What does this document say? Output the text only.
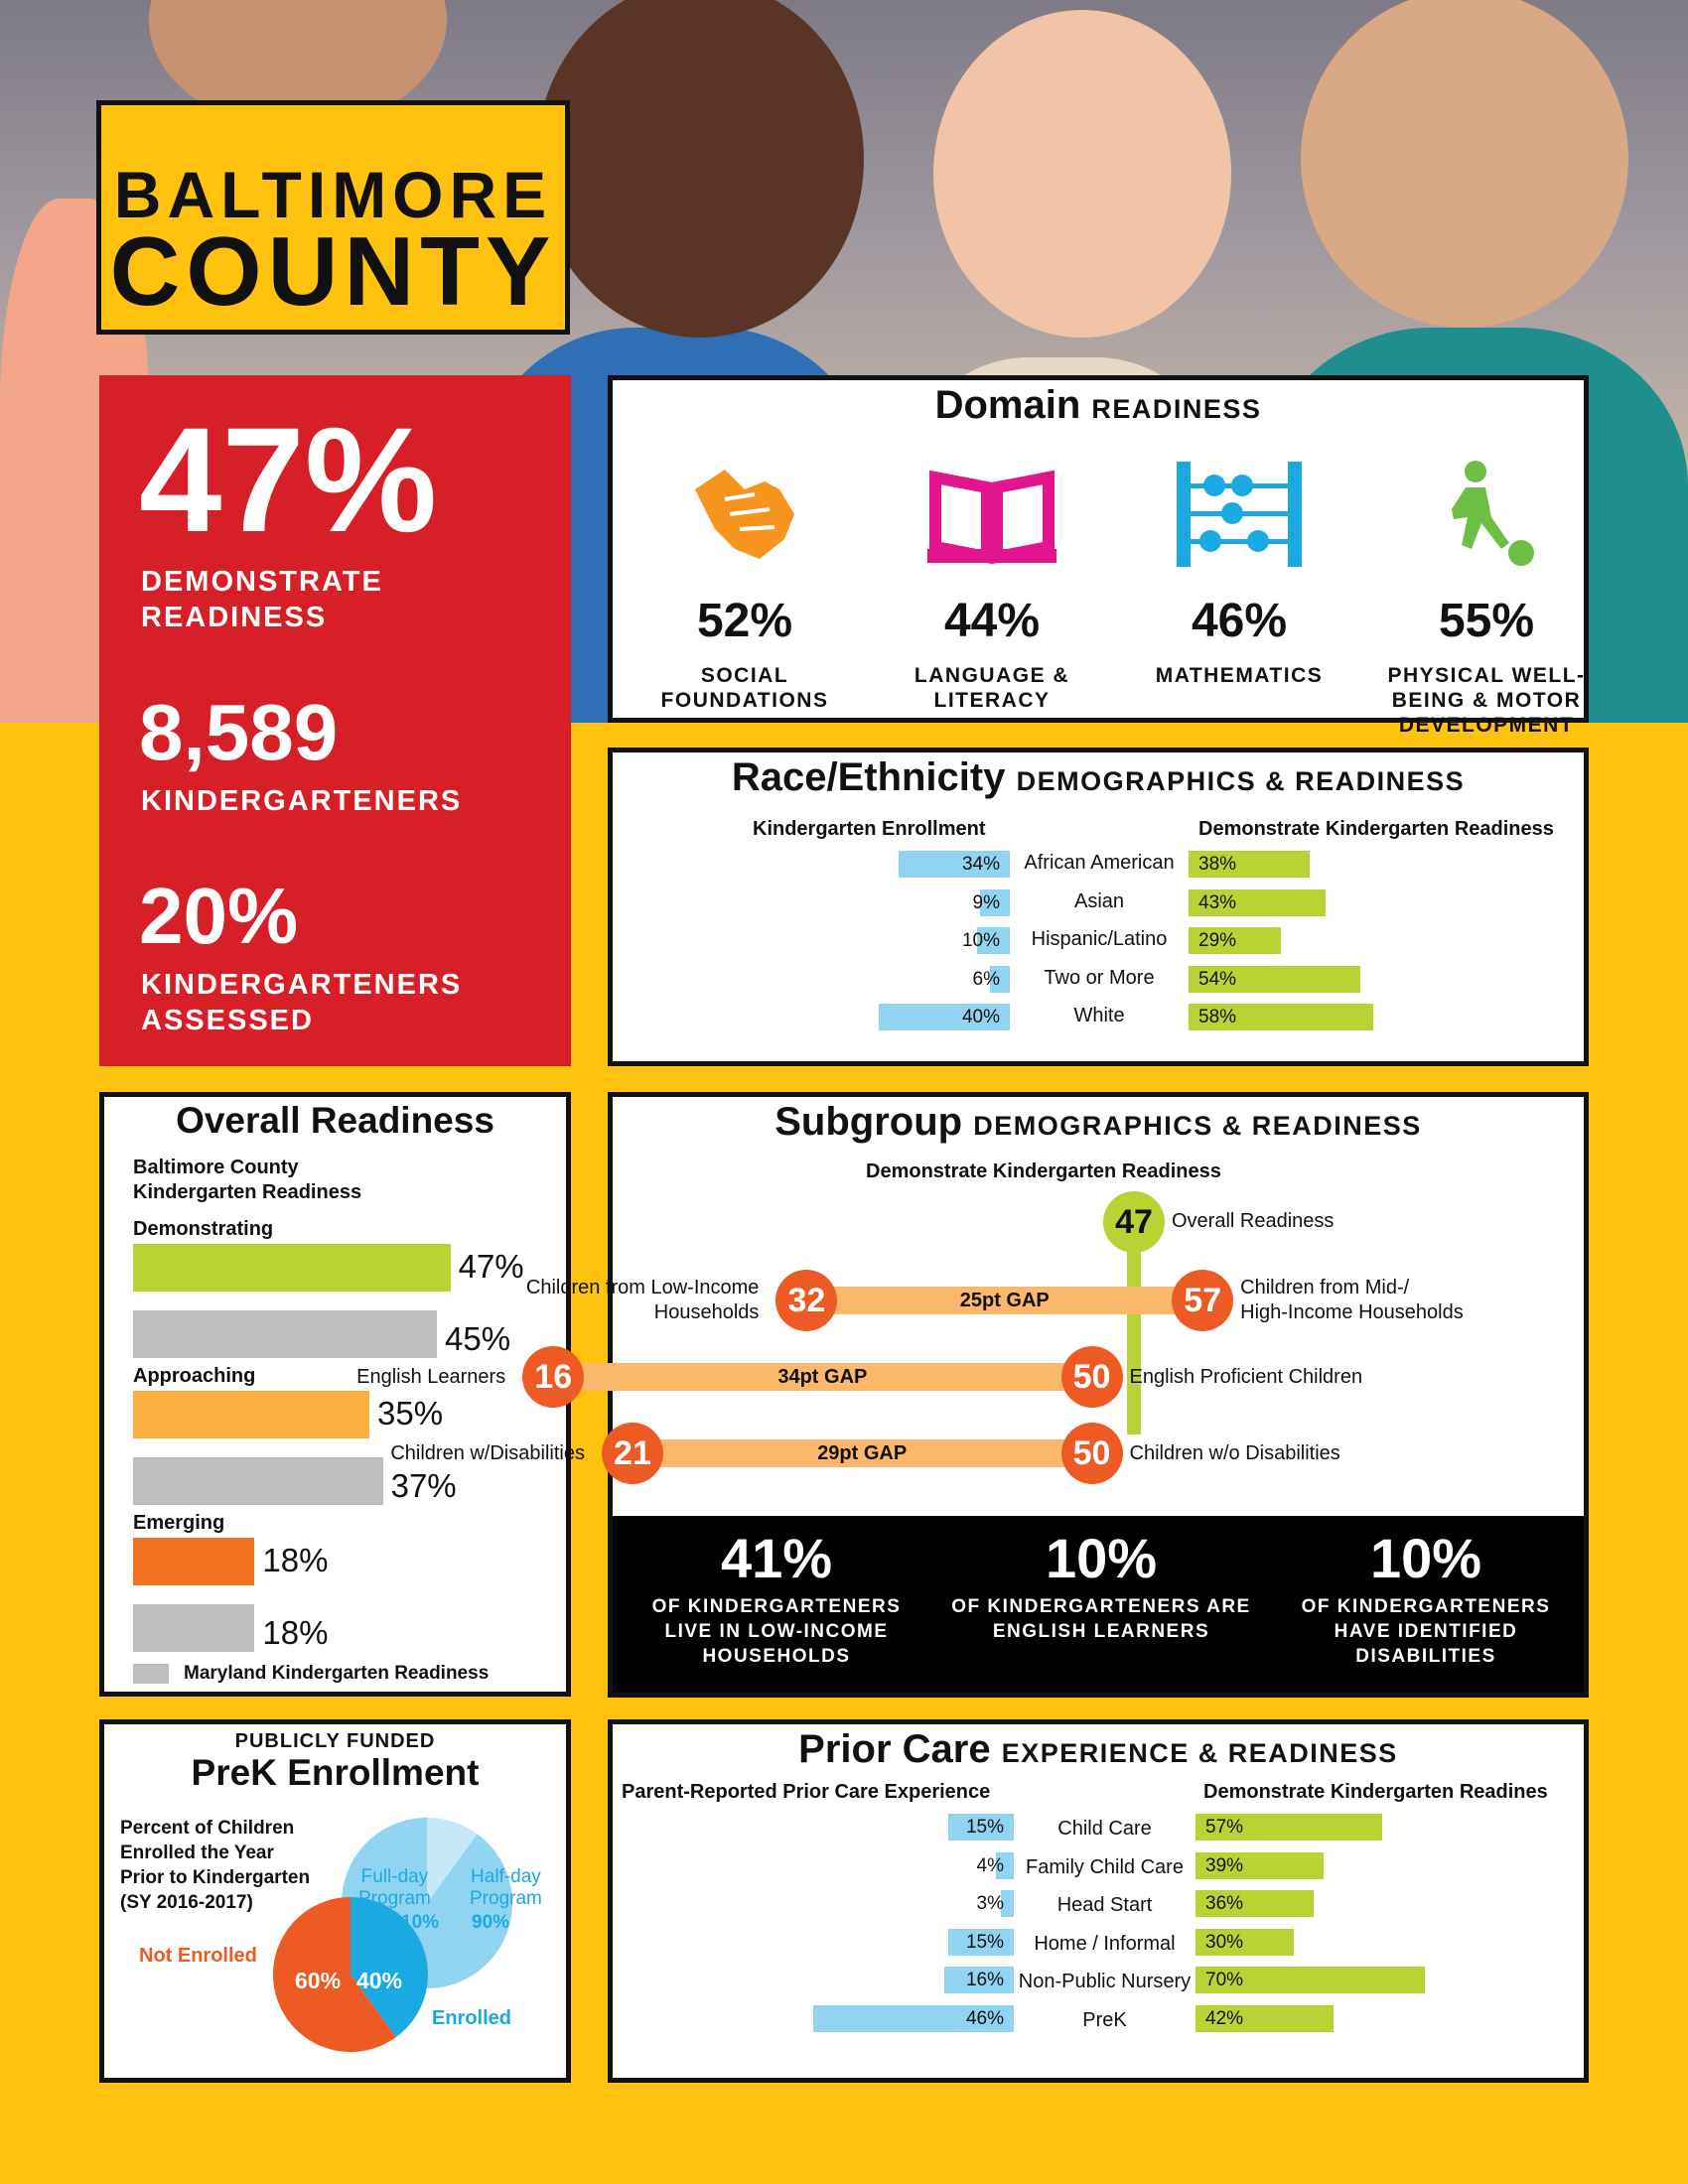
BALTIMORE
COUNTY
47%
DEMONSTRATE
READINESS
8,589
KINDERGARTENERS
20%
KINDERGARTENERS
ASSESSED
Domain READINESS
52%
SOCIAL
FOUNDATIONS
44%
LANGUAGE &
LITERACY
46%
MATHEMATICS
55%
PHYSICAL WELL-
BEING & MOTOR
DEVELOPMENT
Race/Ethnicity DEMOGRAPHICS & READINESS
Kindergarten Enrollment	Demonstrate Kindergarten Readiness
34%	African American	38%
9%	Asian	43%
10%	Hispanic/Latino	29%
6%	Two or More	54%
40%	White	58%
Overall Readiness
Baltimore County
Kindergarten Readiness
Demonstrating
47%
45%
Approaching
35%
37%
Emerging
18%
18%
Maryland Kindergarten Readiness
Subgroup DEMOGRAPHICS & READINESS
Demonstrate Kindergarten Readiness
47 Overall Readiness
25pt GAP
32	57
Children from Low-Income
Households
Children from Mid-/
High-Income Households
34pt GAP
16	50
English Learners	English Proficient Children
29pt GAP
21	50
Children w/Disabilities	Children w/o Disabilities
41%
OF KINDERGARTENERS
LIVE IN LOW-INCOME
HOUSEHOLDS
10%
OF KINDERGARTENERS ARE
ENGLISH LEARNERS
10%
OF KINDERGARTENERS
HAVE IDENTIFIED
DISABILITIES
PUBLICLY FUNDED
PreK Enrollment
Percent of Children
Enrolled the Year
Prior to Kindergarten
(SY 2016-2017)
Full-day
Program
10%
Half-day
Program
90%
Not Enrolled
60% 40%
Enrolled
Prior Care EXPERIENCE & READINESS
Parent-Reported Prior Care Experience	Demonstrate Kindergarten Readines
15%	Child Care	57%
4%	Family Child Care	39%
3%	Head Start	36%
15%	Home / Informal	30%
16% Non-Public Nursery 70%
46%	PreK	42%
